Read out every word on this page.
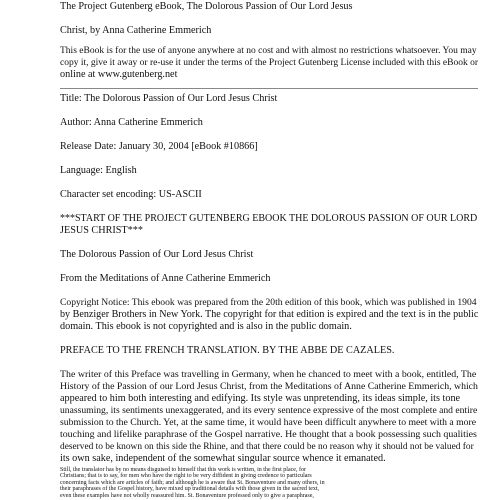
The Project Gutenberg eBook, The Dolorous Passion of Our Lord Jesus
Christ, by Anna Catherine Emmerich
This eBook is for the use of anyone anywhere at no cost and with almost no restrictions whatsoever. You may
copy it, give it away or re-use it under the terms of the Project Gutenberg License included with this eBook or
online at www.gutenberg.net
Title: The Dolorous Passion of Our Lord Jesus Christ
Author: Anna Catherine Emmerich
Release Date: January 30, 2004 [eBook #10866]
Language: English
Character set encoding: US-ASCII
***START OF THE PROJECT GUTENBERG EBOOK THE DOLOROUS PASSION OF OUR LORD
JESUS CHRIST***
The Dolorous Passion of Our Lord Jesus Christ
From the Meditations of Anne Catherine Emmerich
Copyright Notice: This ebook was prepared from the 20th edition of this book, which was published in 1904
by Benziger Brothers in New York. The copyright for that edition is expired and the text is in the public
domain. This ebook is not copyrighted and is also in the public domain.
PREFACE TO THE FRENCH TRANSLATION. BY THE ABBE DE CAZALES.
The writer of this Preface was travelling in Germany, when he chanced to meet with a book, entitled, The
History of the Passion of our Lord Jesus Christ, from the Meditations of Anne Catherine Emmerich, which
appeared to him both interesting and edifying. Its style was unpretending, its ideas simple, its tone
unassuming, its sentiments unexaggerated, and its every sentence expressive of the most complete and entire
submission to the Church. Yet, at the same time, it would have been difficult anywhere to meet with a more
touching and lifelike paraphrase of the Gospel narrative. He thought that a book possessing such qualities
deserved to be known on this side the Rhine, and that there could be no reason why it should not be valued for
its own sake, independent of the somewhat singular source whence it emanated.
Still, the translator has by no means disguised to himself that this work is written, in the first place, for
Christians; that is to say, for men who have the right to be very diffident in giving credence to particulars
concerning facts which are articles of faith; and although he is aware that St. Bonaventure and many others, in
their paraphrases of the Gospel history, have mixed up traditional details with those given in the sacred text,
even these examples have not wholly reassured him. St. Bonaventure professed only to give a paraphrase,
